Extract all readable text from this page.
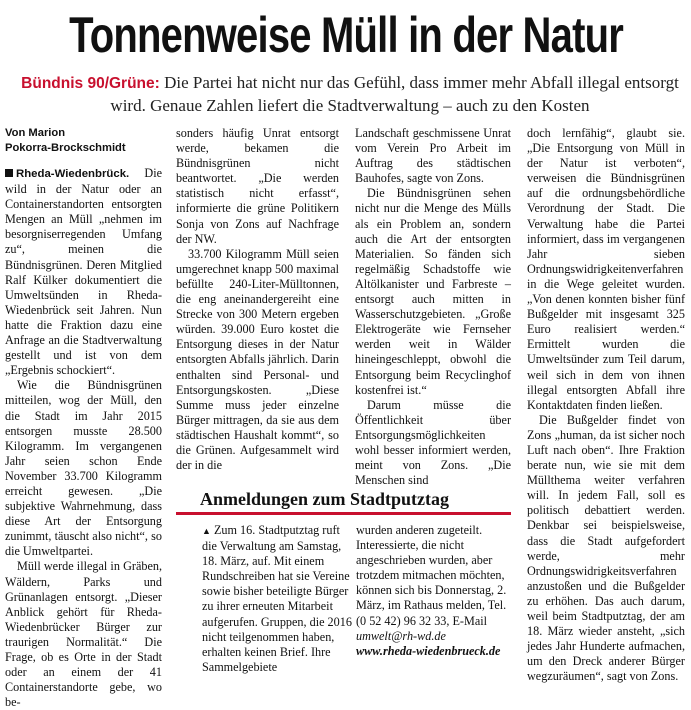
Tonnenweise Müll in der Natur
Bündnis 90/Grüne: Die Partei hat nicht nur das Gefühl, dass immer mehr Abfall illegal entsorgt wird. Genaue Zahlen liefert die Stadtverwaltung – auch zu den Kosten
Von Marion
Pokorra-Brockschmidt

Rheda-Wiedenbrück. Die wild in der Natur oder an Containerstandorten entsorgten Mengen an Müll „nehmen im besorgniserregenden Umfang zu“, meinen die Bündnisgrünen. Deren Mitglied Ralf Külker dokumentiert die Umweltsünden in Rheda-Wiedenbrück seit Jahren. Nun hatte die Fraktion dazu eine Anfrage an die Stadtverwaltung gestellt und ist von dem „Ergebnis schockiert“.

Wie die Bündnisgrünen mitteilen, wog der Müll, den die Stadt im Jahr 2015 entsorgen musste 28.500 Kilogramm. Im vergangenen Jahr seien schon Ende November 33.700 Kilogramm erreicht gewesen. „Die subjektive Wahrnehmung, dass diese Art der Entsorgung zunimmt, täuscht also nicht“, so die Umweltpartei.

Müll werde illegal in Gräben, Wäldern, Parks und Grünanlagen entsorgt. „Dieser Anblick gehört für Rheda-Wiedenbrücker Bürger zur traurigen Normalität.“ Die Frage, ob es Orte in der Stadt oder an einem der 41 Containerstandorte gebe, wo be-

sonders häufig Unrat entsorgt werde, bekamen die Bündnisgrünen nicht beantwortet. „Die werden statistisch nicht erfasst“, informierte die grüne Politikern Sonja von Zons auf Nachfrage der NW.

33.700 Kilogramm Müll seien umgerechnet knapp 500 maximal befüllte 240-Liter-Mülltonnen, die eng aneinandergereiht eine Strecke von 300 Metern ergeben würden. 39.000 Euro kostet die Entsorgung dieses in der Natur entsorgten Abfalls jährlich. Darin enthalten sind Personal- und Entsorgungskosten. „Diese Summe muss jeder einzelne Bürger mittragen, da sie aus dem städtischen Haushalt kommt“, so die Grünen. Aufgesammelt wird der in die

Landschaft geschmissene Unrat vom Verein Pro Arbeit im Auftrag des städtischen Bauhofes, sagte von Zons.

Die Bündnisgrünen sehen nicht nur die Menge des Mülls als ein Problem an, sondern auch die Art der entsorgten Materialien. So fänden sich regelmäßig Schadstoffe wie Altölkanister und Farbreste – entsorgt auch mitten in Wasserschutzgebieten. „Große Elektrogeräte wie Fernseher werden weit in Wälder hineingeschleppt, obwohl die Entsorgung beim Recyclinghof kostenfrei ist.“

Darum müsse die Öffentlichkeit über Entsorgungsmöglichkeiten wohl besser informiert werden, meint von Zons. „Die Menschen sind

doch lernfähig“, glaubt sie. „Die Entsorgung von Müll in der Natur ist verboten“, verweisen die Bündnisgrünen auf die ordnungsbehördliche Verordnung der Stadt. Die Verwaltung habe die Partei informiert, dass im vergangenen Jahr sieben Ordnungswidrigkeitenverfahren in die Wege geleitet wurden. „Von denen konnten bisher fünf Bußgelder mit insgesamt 325 Euro realisiert werden.“ Ermittelt wurden die Umweltsünder zum Teil darum, weil sich in dem von ihnen illegal entsorgten Abfall ihre Kontaktdaten finden ließen.

Die Bußgelder findet von Zons „human, da ist sicher noch Luft nach oben“. Ihre Fraktion berate nun, wie sie mit dem Müllthema weiter verfahren will. In jedem Fall, soll es politisch debattiert werden. Denkbar sei beispielsweise, dass die Stadt aufgefordert werde, mehr Ordnungswidrigkeitsverfahren anzustoßen und die Bußgelder zu erhöhen. Das auch darum, weil beim Stadtputztag, der am 18. März wieder ansteht, „sich jedes Jahr Hunderte aufmachen, um den Dreck anderer Bürger wegzuräumen“, sagt von Zons.

Anmeldungen zum Stadtputztag
▲ Zum 16. Stadtputztag ruft die Verwaltung am Samstag, 18. März, auf. Mit einem Rundschreiben hat sie Vereine sowie bisher beteiligte Bürger zu ihrer erneuten Mitarbeit aufgerufen. Gruppen, die 2016 nicht teilgenommen haben, erhalten keinen Brief. Ihre Sammelgebiete
wurden anderen zugeteilt. Interessierte, die nicht angeschrieben wurden, aber trotzdem mitmachen möchten, können sich bis Donnerstag, 2. März, im Rathaus melden, Tel. (0 52 42) 96 32 33, E-Mail umwelt@rh-wd.de www.rheda-wiedenbrueck.de
